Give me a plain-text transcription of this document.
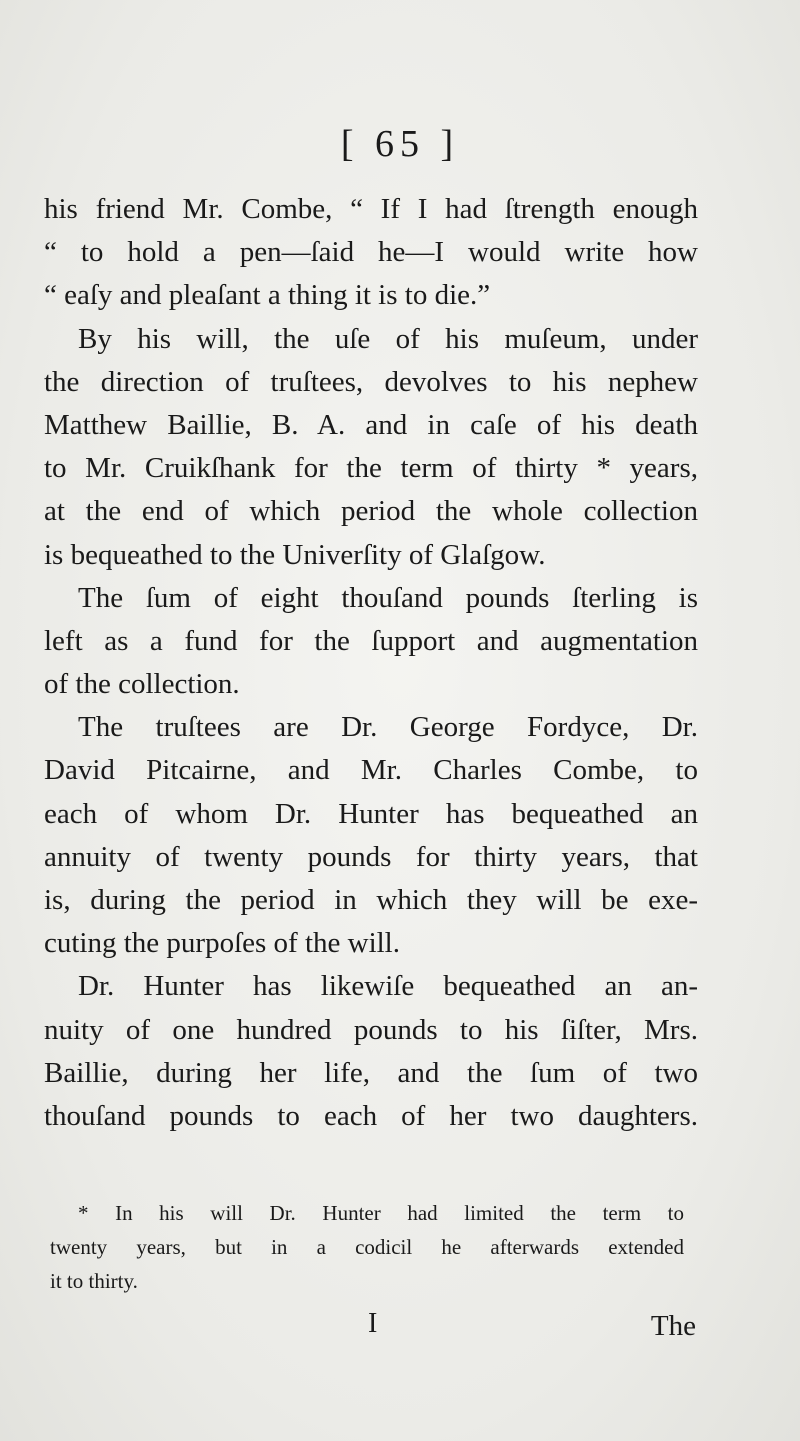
[ 65 ]
his friend Mr. Combe, “ If I had ſtrength enough
“ to hold a pen—ſaid he—I would write how
“ eaſy and pleaſant a thing it is to die.”
By his will, the uſe of his muſeum, under
the direction of truſtees, devolves to his nephew
Matthew Baillie, B. A. and in caſe of his death
to Mr. Cruikſhank for the term of thirty * years,
at the end of which period the whole collection
is bequeathed to the Univerſity of Glaſgow.
The ſum of eight thouſand pounds ſterling is
left as a fund for the ſupport and augmentation
of the collection.
The truſtees are Dr. George Fordyce, Dr.
David Pitcairne, and Mr. Charles Combe, to
each of whom Dr. Hunter has bequeathed an
annuity of twenty pounds for thirty years, that
is, during the period in which they will be exe-
cuting the purpoſes of the will.
Dr. Hunter has likewiſe bequeathed an an-
nuity of one hundred pounds to his ſiſter, Mrs.
Baillie, during her life, and the ſum of two
thouſand pounds to each of her two daughters.
* In his will Dr. Hunter had limited the term to
twenty years, but in a codicil he afterwards extended
it to thirty.
I	The
